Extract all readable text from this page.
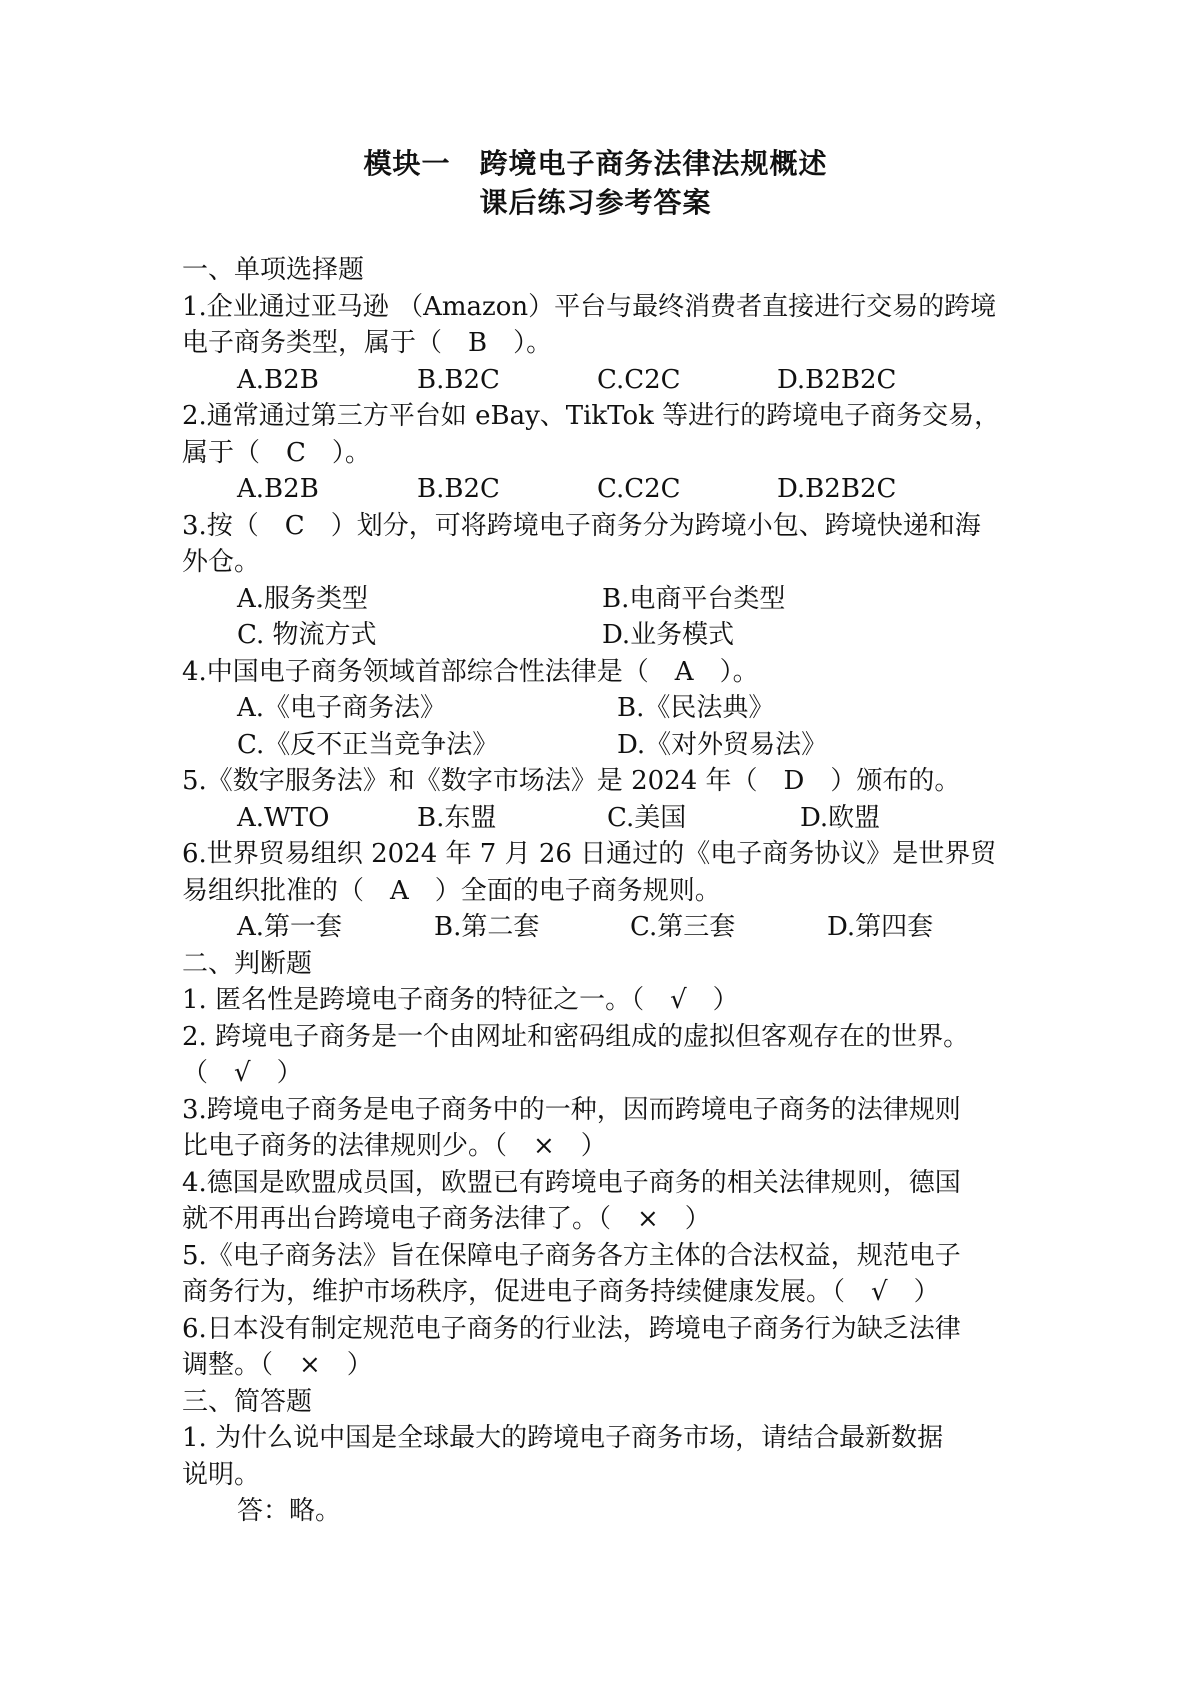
模块一　跨境电子商务法律法规概述
课后练习参考答案
一、单项选择题
1.企业通过亚马逊 （Amazon）平台与最终消费者直接进行交易的跨境
电子商务类型，属于（　B　）。
A.B2B	B.B2C	C.C2C	D.B2B2C
2.通常通过第三方平台如 eBay、TikTok 等进行的跨境电子商务交易，
属于（　C　）。
A.B2B	B.B2C	C.C2C	D.B2B2C
3.按（　C　）划分，可将跨境电子商务分为跨境小包、跨境快递和海
外仓。
A.服务类型	B.电商平台类型
C. 物流方式	D.业务模式
4.中国电子商务领域首部综合性法律是（　A　）。
A.《电子商务法》	B.《民法典》
C.《反不正当竞争法》	D.《对外贸易法》
5.《数字服务法》和《数字市场法》是 2024 年（　D　）颁布的。
A.WTO	B.东盟	C.美国	D.欧盟
6.世界贸易组织 2024 年 7 月 26 日通过的《电子商务协议》是世界贸
易组织批准的（　A　）全面的电子商务规则。
A.第一套	B.第二套	C.第三套	D.第四套
二、判断题
1. 匿名性是跨境电子商务的特征之一。（　√　）
2. 跨境电子商务是一个由网址和密码组成的虚拟但客观存在的世界。
（　√　）
3.跨境电子商务是电子商务中的一种，因而跨境电子商务的法律规则
比电子商务的法律规则少。（　×　）
4.德国是欧盟成员国，欧盟已有跨境电子商务的相关法律规则，德国
就不用再出台跨境电子商务法律了。（　×　）
5.《电子商务法》旨在保障电子商务各方主体的合法权益，规范电子
商务行为，维护市场秩序，促进电子商务持续健康发展。（　√　）
6.日本没有制定规范电子商务的行业法，跨境电子商务行为缺乏法律
调整。（　×　）
三、简答题
1. 为什么说中国是全球最大的跨境电子商务市场，请结合最新数据
说明。
答：略。
